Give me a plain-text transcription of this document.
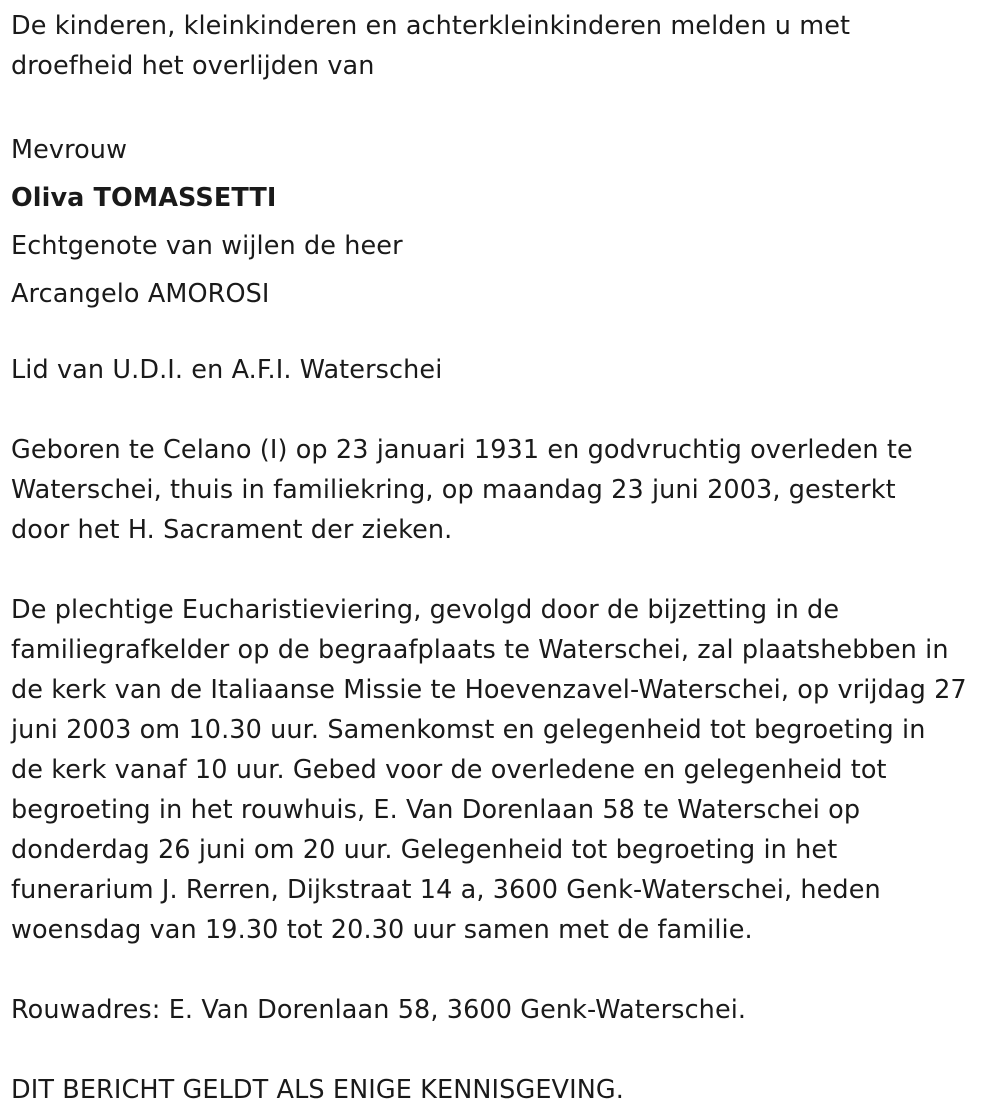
De kinderen, kleinkinderen en achterkleinkinderen melden u met
droefheid het overlijden van

Mevrouw

Oliva TOMASSETTI

Echtgenote van wijlen de heer

Arcangelo AMOROSI

Lid van U.D.I. en A.F.I. Waterschei

Geboren te Celano (I) op 23 januari 1931 en godvruchtig overleden te
Waterschei, thuis in familiekring, op maandag 23 juni 2003, gesterkt
door het H. Sacrament der zieken.

De plechtige Eucharistieviering, gevolgd door de bijzetting in de
familiegrafkelder op de begraafplaats te Waterschei, zal plaatshebben in
de kerk van de Italiaanse Missie te Hoevenzavel-Waterschei, op vrijdag 27
juni 2003 om 10.30 uur. Samenkomst en gelegenheid tot begroeting in
de kerk vanaf 10 uur. Gebed voor de overledene en gelegenheid tot
begroeting in het rouwhuis, E. Van Dorenlaan 58 te Waterschei op
donderdag 26 juni om 20 uur. Gelegenheid tot begroeting in het
funerarium J. Rerren, Dijkstraat 14 a, 3600 Genk-Waterschei, heden
woensdag van 19.30 tot 20.30 uur samen met de familie.

Rouwadres: E. Van Dorenlaan 58, 3600 Genk-Waterschei.

DIT BERICHT GELDT ALS ENIGE KENNISGEVING.
